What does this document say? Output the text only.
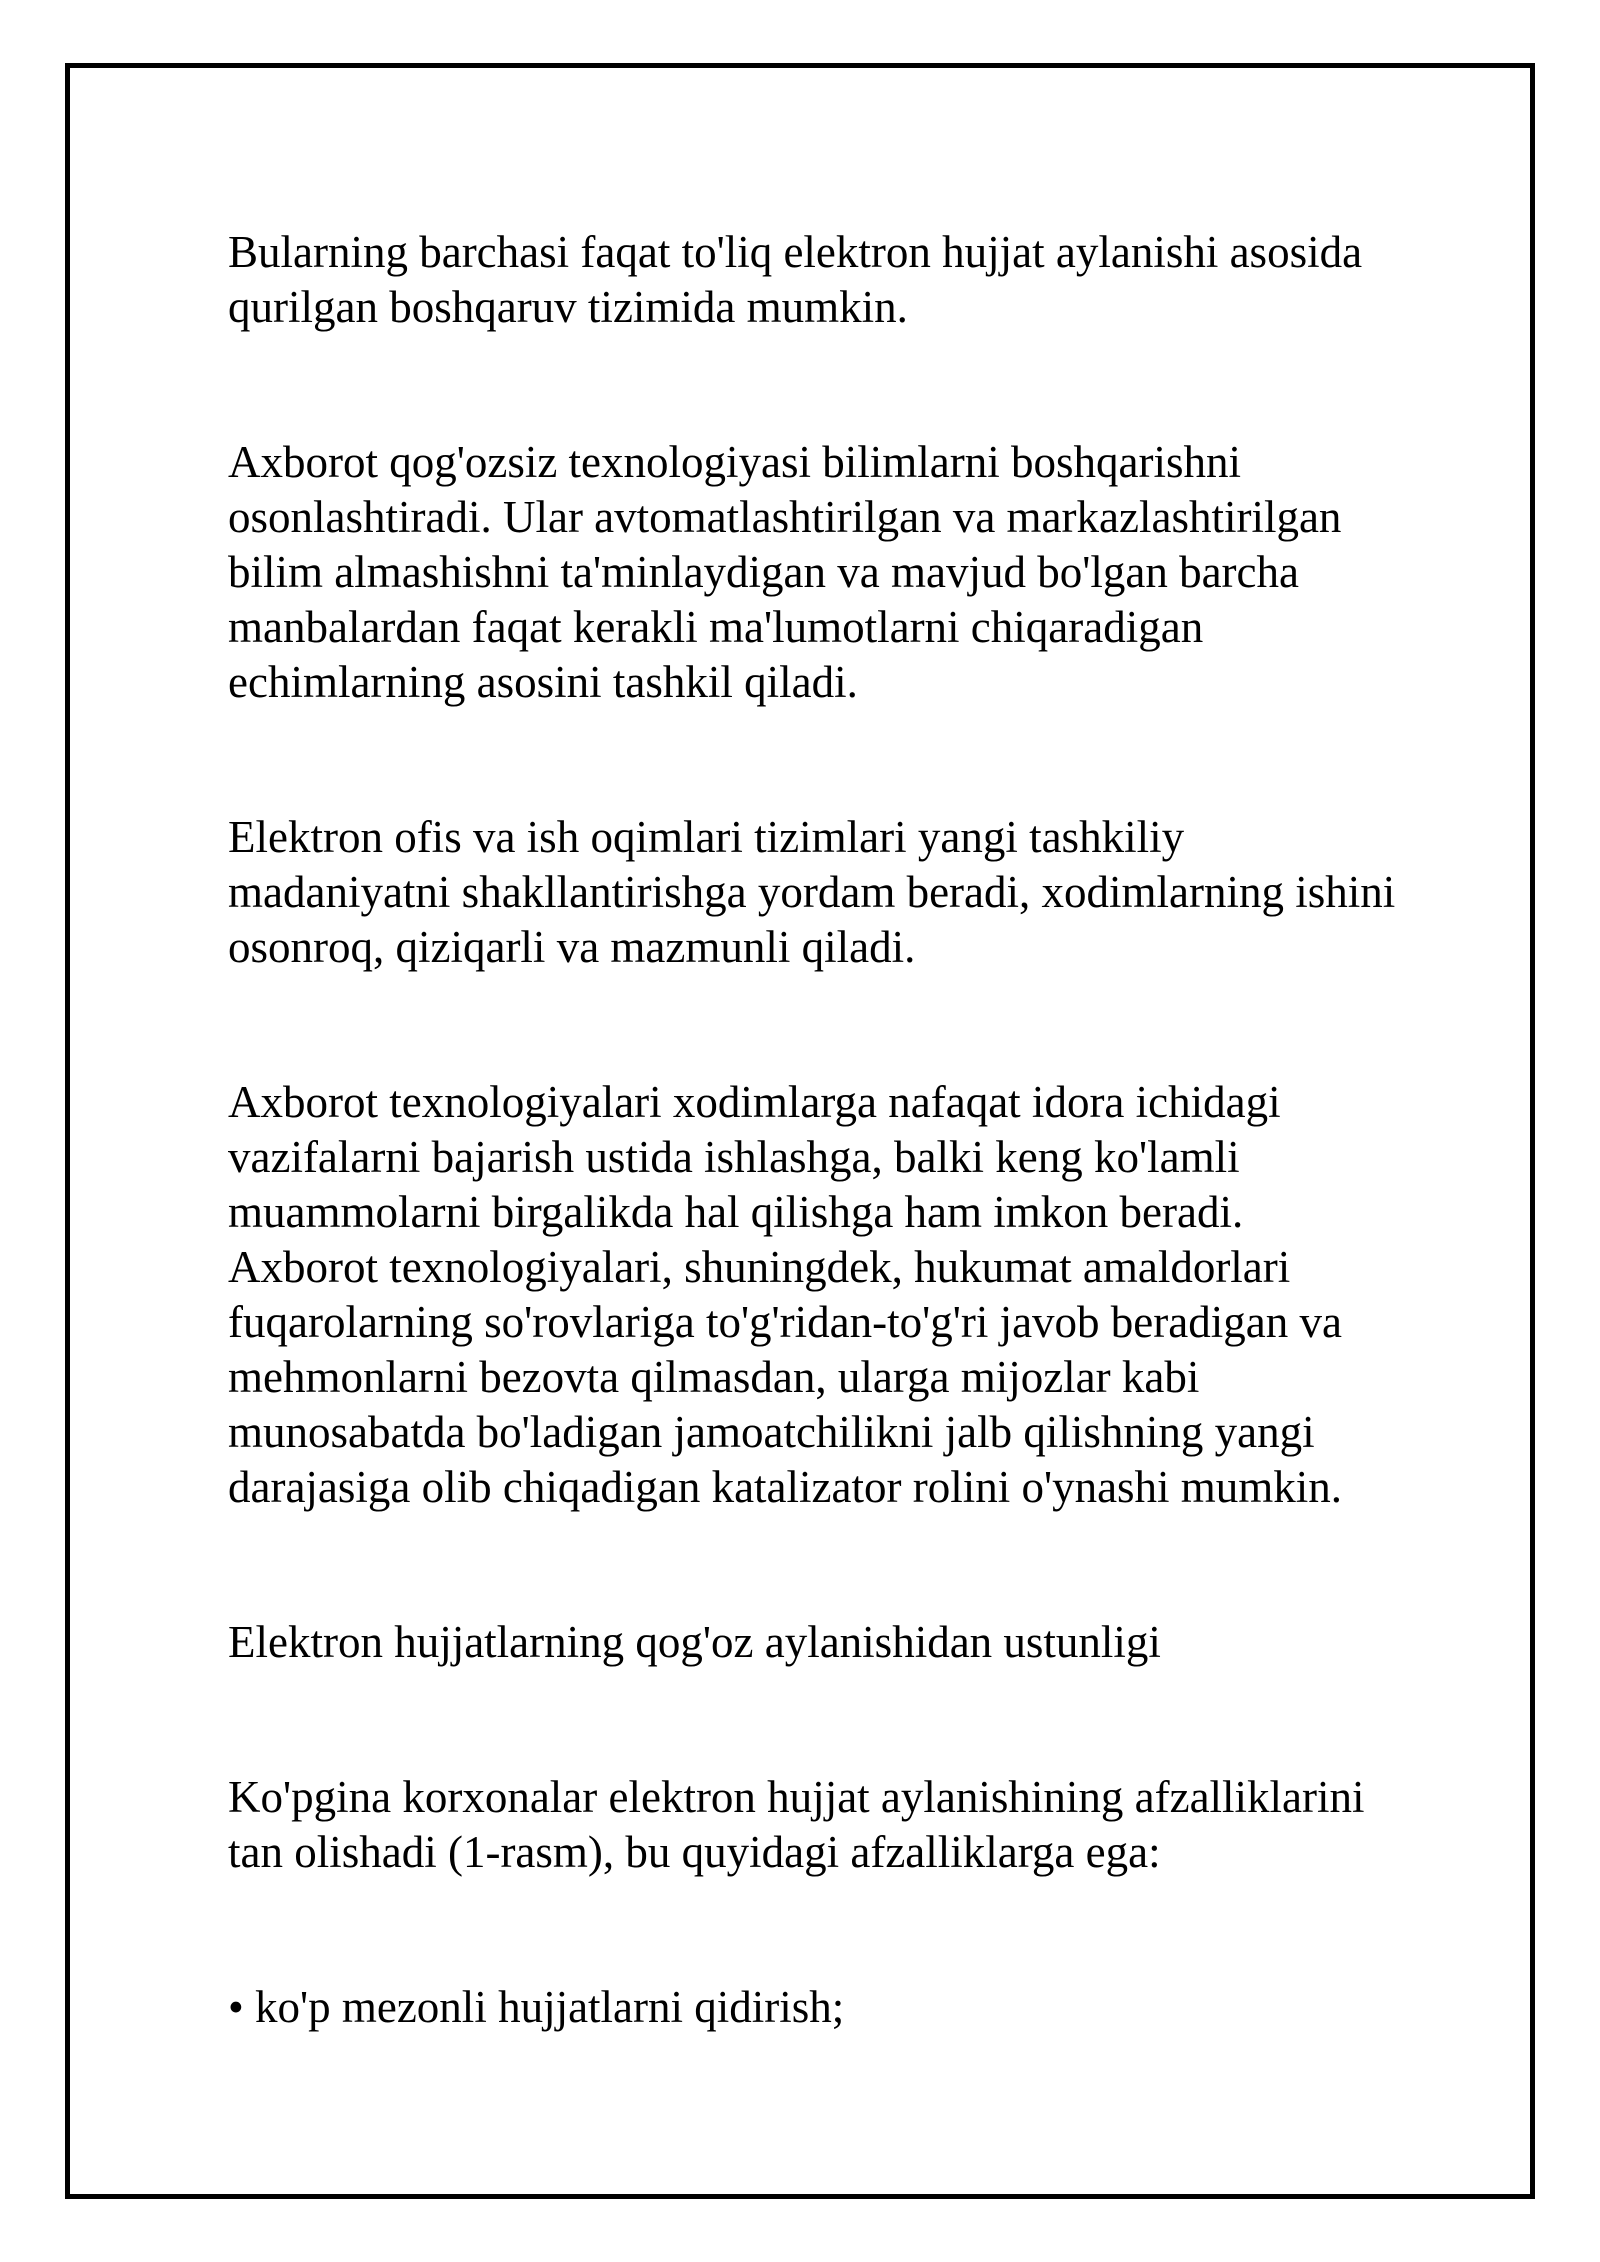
Bularning barchasi faqat to'liq elektron hujjat aylanishi asosida
qurilgan boshqaruv tizimida mumkin.

Axborot qog'ozsiz texnologiyasi bilimlarni boshqarishni
osonlashtiradi. Ular avtomatlashtirilgan va markazlashtirilgan
bilim almashishni ta'minlaydigan va mavjud bo'lgan barcha
manbalardan faqat kerakli ma'lumotlarni chiqaradigan
echimlarning asosini tashkil qiladi.

Elektron ofis va ish oqimlari tizimlari yangi tashkiliy
madaniyatni shakllantirishga yordam beradi, xodimlarning ishini
osonroq, qiziqarli va mazmunli qiladi.

Axborot texnologiyalari xodimlarga nafaqat idora ichidagi
vazifalarni bajarish ustida ishlashga, balki keng ko'lamli
muammolarni birgalikda hal qilishga ham imkon beradi.
Axborot texnologiyalari, shuningdek, hukumat amaldorlari
fuqarolarning so'rovlariga to'g'ridan-to'g'ri javob beradigan va
mehmonlarni bezovta qilmasdan, ularga mijozlar kabi
munosabatda bo'ladigan jamoatchilikni jalb qilishning yangi
darajasiga olib chiqadigan katalizator rolini o'ynashi mumkin.

Elektron hujjatlarning qog'oz aylanishidan ustunligi

Ko'pgina korxonalar elektron hujjat aylanishining afzalliklarini
tan olishadi (1-rasm), bu quyidagi afzalliklarga ega:

• ko'p mezonli hujjatlarni qidirish;
